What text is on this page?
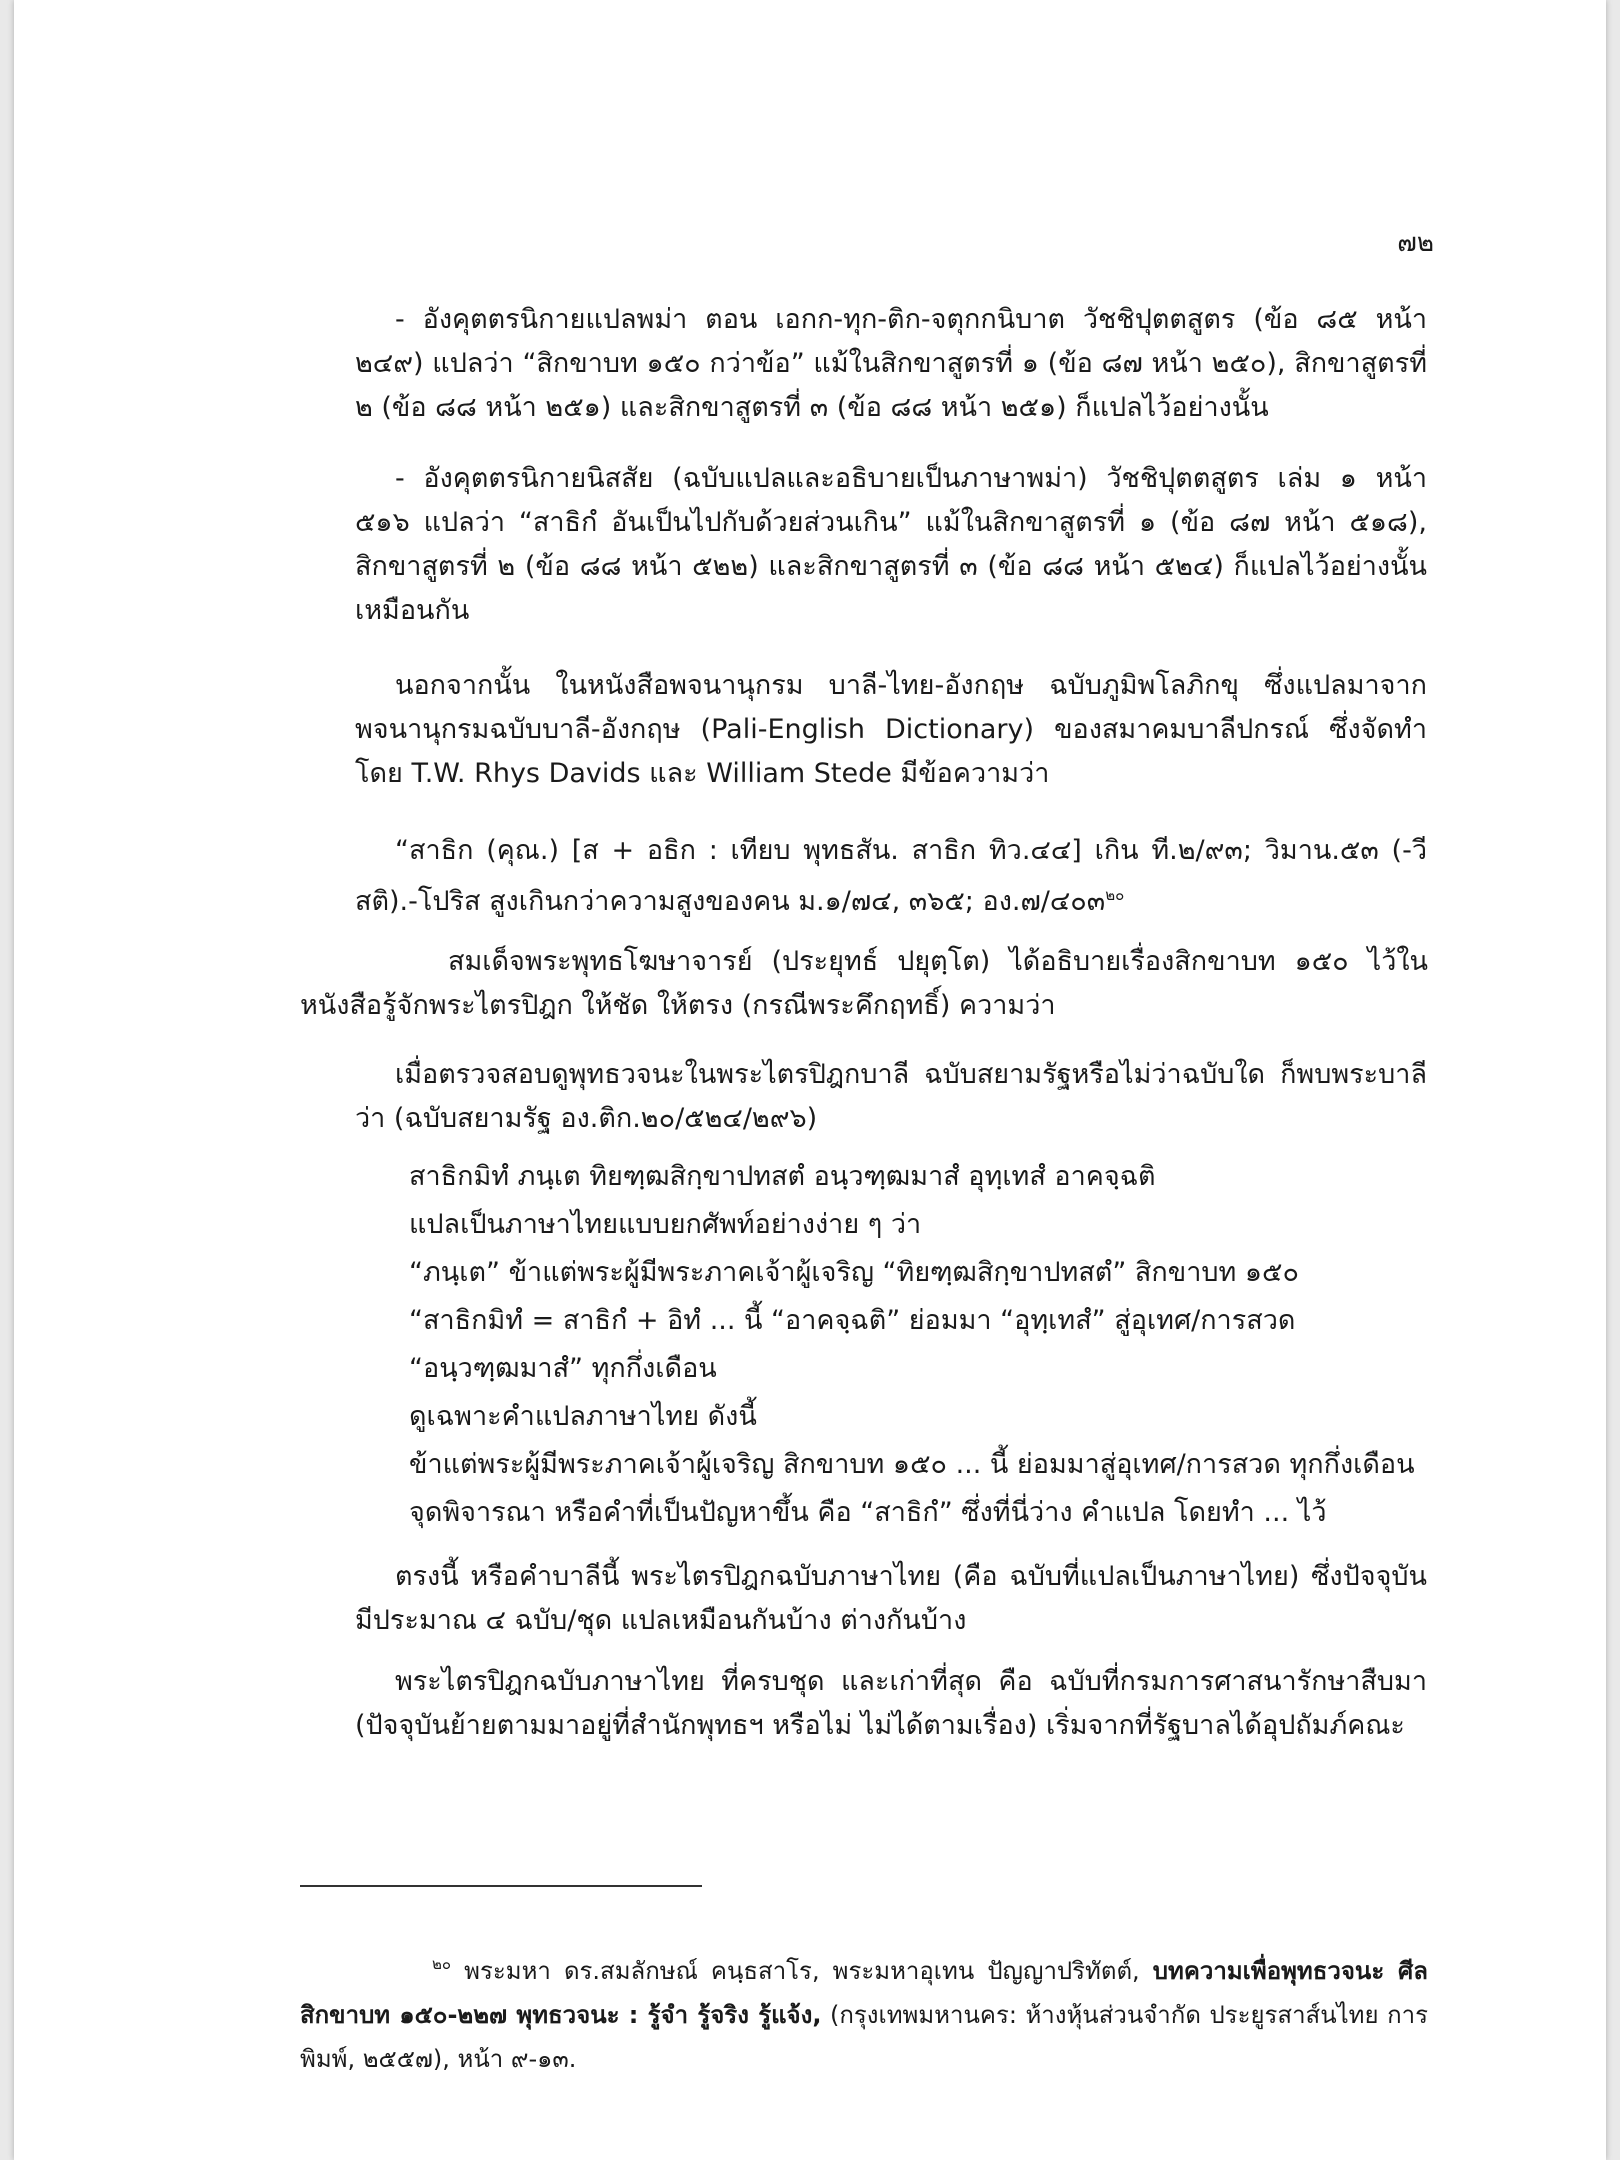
๗๒
- อังคุตตรนิกายแปลพม่า ตอน เอกก-ทุก-ติก-จตุกกนิบาต วัชชิปุตตสูตร (ข้อ ๘๕ หน้า ๒๔๙) แปลว่า “สิกขาบท ๑๕๐ กว่าข้อ” แม้ในสิกขาสูตรที่ ๑ (ข้อ ๘๗ หน้า ๒๕๐), สิกขาสูตรที่ ๒ (ข้อ ๘๘ หน้า ๒๕๑) และสิกขาสูตรที่ ๓ (ข้อ ๘๘ หน้า ๒๕๑) ก็แปลไว้อย่างนั้น
- อังคุตตรนิกายนิสสัย (ฉบับแปลและอธิบายเป็นภาษาพม่า) วัชชิปุตตสูตร เล่ม ๑ หน้า ๕๑๖ แปลว่า “สาธิกํ อันเป็นไปกับด้วยส่วนเกิน” แม้ในสิกขาสูตรที่ ๑ (ข้อ ๘๗ หน้า ๕๑๘), สิกขาสูตรที่ ๒ (ข้อ ๘๘ หน้า ๕๒๒) และสิกขาสูตรที่ ๓ (ข้อ ๘๘ หน้า ๕๒๔) ก็แปลไว้อย่างนั้นเหมือนกัน
นอกจากนั้น ในหนังสือพจนานุกรม บาลี-ไทย-อังกฤษ ฉบับภูมิพโลภิกขุ ซึ่งแปลมาจากพจนานุกรมฉบับบาลี-อังกฤษ (Pali-English Dictionary) ของสมาคมบาลีปกรณ์ ซึ่งจัดทำโดย T.W. Rhys Davids และ William Stede มีข้อความว่า
“สาธิก (คุณ.) [ส + อธิก : เทียบ พุทธสัน. สาธิก ทิว.๔๔] เกิน ที.๒/๙๓; วิมาน.๕๓ (-วีสติ).-โปริส สูงเกินกว่าความสูงของคน ม.๑/๗๔, ๓๖๕; อง.๗/๔๐๓$^{๒๐}$
สมเด็จพระพุทธโฆษาจารย์ (ประยุทธ์ ปยุตฺโต) ได้อธิบายเรื่องสิกขาบท ๑๕๐ ไว้ในหนังสือรู้จักพระไตรปิฎก ให้ชัด ให้ตรง (กรณีพระคึกฤทธิ์) ความว่า
เมื่อตรวจสอบดูพุทธวจนะในพระไตรปิฎกบาลี ฉบับสยามรัฐหรือไม่ว่าฉบับใด ก็พบพระบาลีว่า (ฉบับสยามรัฐ อง.ติก.๒๐/๕๒๔/๒๙๖)
สาธิกมิทํ ภนฺเต ทิยฑฺฒสิกฺขาปทสตํ อนฺวฑฺฒมาสํ อุทฺเทสํ อาคจฺฉติ
แปลเป็นภาษาไทยแบบยกศัพท์อย่างง่าย ๆ ว่า
“ภนฺเต” ข้าแต่พระผู้มีพระภาคเจ้าผู้เจริญ “ทิยฑฺฒสิกฺขาปทสตํ” สิกขาบท ๑๕๐
“สาธิกมิทํ = สาธิกํ + อิทํ ... นี้ “อาคจฺฉติ” ย่อมมา “อุทฺเทสํ” สู่อุเทศ/การสวด
“อนฺวฑฺฒมาสํ” ทุกกึ่งเดือน
ดูเฉพาะคำแปลภาษาไทย ดังนี้
ข้าแต่พระผู้มีพระภาคเจ้าผู้เจริญ สิกขาบท ๑๕๐ ... นี้ ย่อมมาสู่อุเทศ/การสวด ทุกกึ่งเดือน
จุดพิจารณา หรือคำที่เป็นปัญหาขึ้น คือ “สาธิกํ” ซึ่งที่นี่ว่าง คำแปล โดยทำ ... ไว้
ตรงนี้ หรือคำบาลีนี้ พระไตรปิฎกฉบับภาษาไทย (คือ ฉบับที่แปลเป็นภาษาไทย) ซึ่งปัจจุบันมีประมาณ ๔ ฉบับ/ชุด แปลเหมือนกันบ้าง ต่างกันบ้าง
พระไตรปิฎกฉบับภาษาไทย ที่ครบชุด และเก่าที่สุด คือ ฉบับที่กรมการศาสนารักษาสืบมา (ปัจจุบันย้ายตามมาอยู่ที่สำนักพุทธฯ หรือไม่ ไม่ได้ตามเรื่อง) เริ่มจากที่รัฐบาลได้อุปถัมภ์คณะ
$^{๒๐}$ พระมหา ดร.สมลักษณ์ คนฺธสาโร, พระมหาอุเทน ปัญญาปริทัตต์, บทความเพื่อพุทธวจนะ ศีล สิกขาบท ๑๕๐-๒๒๗ พุทธวจนะ : รู้จำ รู้จริง รู้แจ้ง, (กรุงเทพมหานคร: ห้างหุ้นส่วนจำกัด ประยูรสาส์นไทย การพิมพ์, ๒๕๕๗), หน้า ๙-๑๓.
